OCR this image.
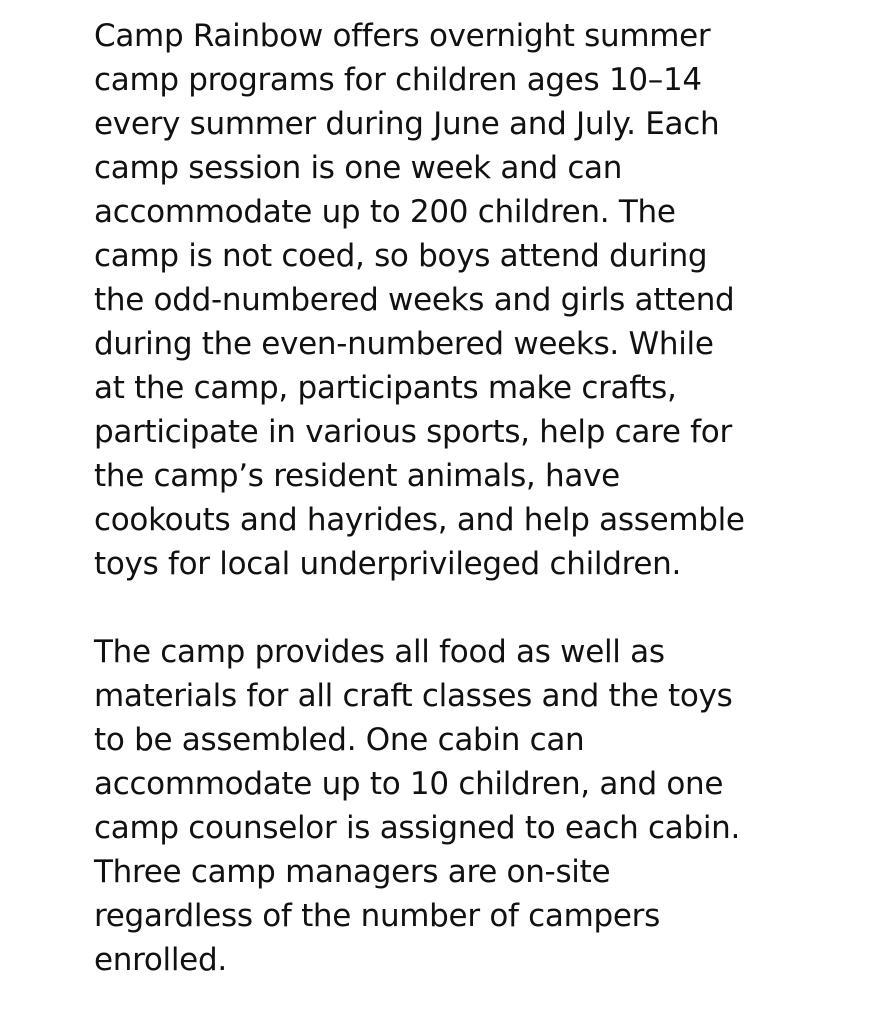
Camp Rainbow offers overnight summer
camp programs for children ages 10–14
every summer during June and July. Each
camp session is one week and can
accommodate up to 200 children. The
camp is not coed, so boys attend during
the odd-numbered weeks and girls attend
during the even-numbered weeks. While
at the camp, participants make crafts,
participate in various sports, help care for
the camp’s resident animals, have
cookouts and hayrides, and help assemble
toys for local underprivileged children.
The camp provides all food as well as
materials for all craft classes and the toys
to be assembled. One cabin can
accommodate up to 10 children, and one
camp counselor is assigned to each cabin.
Three camp managers are on-site
regardless of the number of campers
enrolled.
